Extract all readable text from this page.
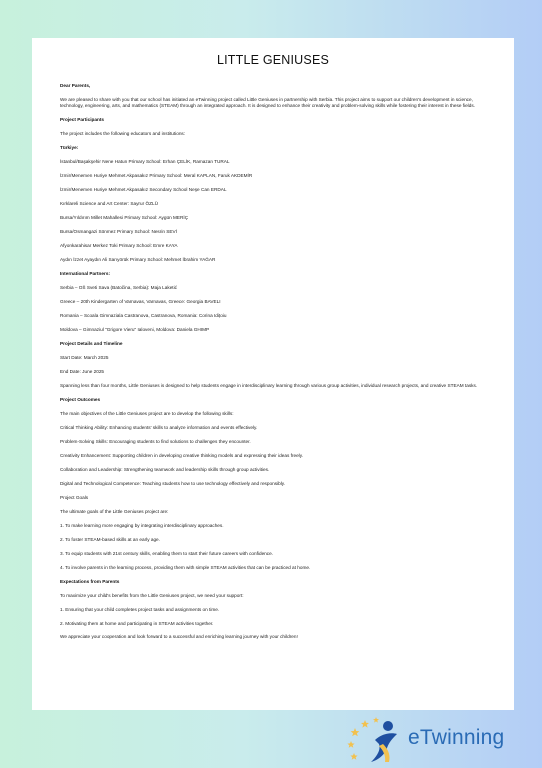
LITTLE GENIUSES

Dear Parents,

We are pleased to share with you that our school has initiated an eTwinning project called Little Geniuses in partnership with Serbia. This project aims to support our children's development in science, technology, engineering, arts, and mathematics (STEAM) through an integrated approach. It is designed to enhance their creativity and problem-solving skills while fostering their interest in these fields.

Project Participants

The project includes the following educators and institutions:

Türkiye:

İstanbul/Başakşehir Nene Hatun Primary School: Erhan ÇELİK, Ramazan TURAL

İzmir/Menemen Huriye Mehmet Akpasakız Primary School: Meral KAPLAN, Faruk AKDEMİR

İzmir/Menemen Huriye Mehmet Akpasakız Secondary School Neşe Can ERDAL

Kırklareli Science and Art Center: Sayrur ÖZLÜ

Bursa/Yıldırım Millet Mahallesi Primary School: Aygün MERİÇ

Bursa/Osmangazi Sönmez Primary School: Nesrin SEVİ

Afyonkarahisar Merkez Toki Primary School: Emre KAYA

Aydın İzzet Ayaydın Ali Sarıyörük Primary School: Mehmet İbrahim YAĞAR

International Partners:

Serbia – OŠ Sveti Sava (Batočina, Serbia): Maja Laketić

Greece – 20th Kindergarten of Varnavas, Varnavas, Greece: Georgia BAVELI

Romania – Scoala Gimnaziala Castranova, Castranova, Romania: Corina Idițoiu

Moldova – Gimnaziul "Grigore Vieru" Ialoveni, Moldova: Daniela GHIMP

Project Details and Timeline

Start Date: March 2025

End Date: June 2025

Spanning less than four months, Little Geniuses is designed to help students engage in interdisciplinary learning through various group activities, individual research projects, and creative STEAM tasks.

Project Outcomes

The main objectives of the Little Geniuses project are to develop the following skills:

Critical Thinking Ability: Enhancing students' skills to analyze information and events effectively.

Problem-Solving Skills: Encouraging students to find solutions to challenges they encounter.

Creativity Enhancement: Supporting children in developing creative thinking models and expressing their ideas freely.

Collaboration and Leadership: Strengthening teamwork and leadership skills through group activities.

Digital and Technological Competence: Teaching students how to use technology effectively and responsibly.

Project Goals

The ultimate goals of the Little Geniuses project are:

1. To make learning more engaging by integrating interdisciplinary approaches.

2. To foster STEAM-based skills at an early age.

3. To equip students with 21st century skills, enabling them to start their future careers with confidence.

4. To involve parents in the learning process, providing them with simple STEAM activities that can be practiced at home.

Expectations from Parents

To maximize your child's benefits from the Little Geniuses project, we need your support:

1. Ensuring that your child completes project tasks and assignments on time.

2. Motivating them at home and participating in STEAM activities together.

We appreciate your cooperation and look forward to a successful and enriching learning journey with your children!

eTwinning
